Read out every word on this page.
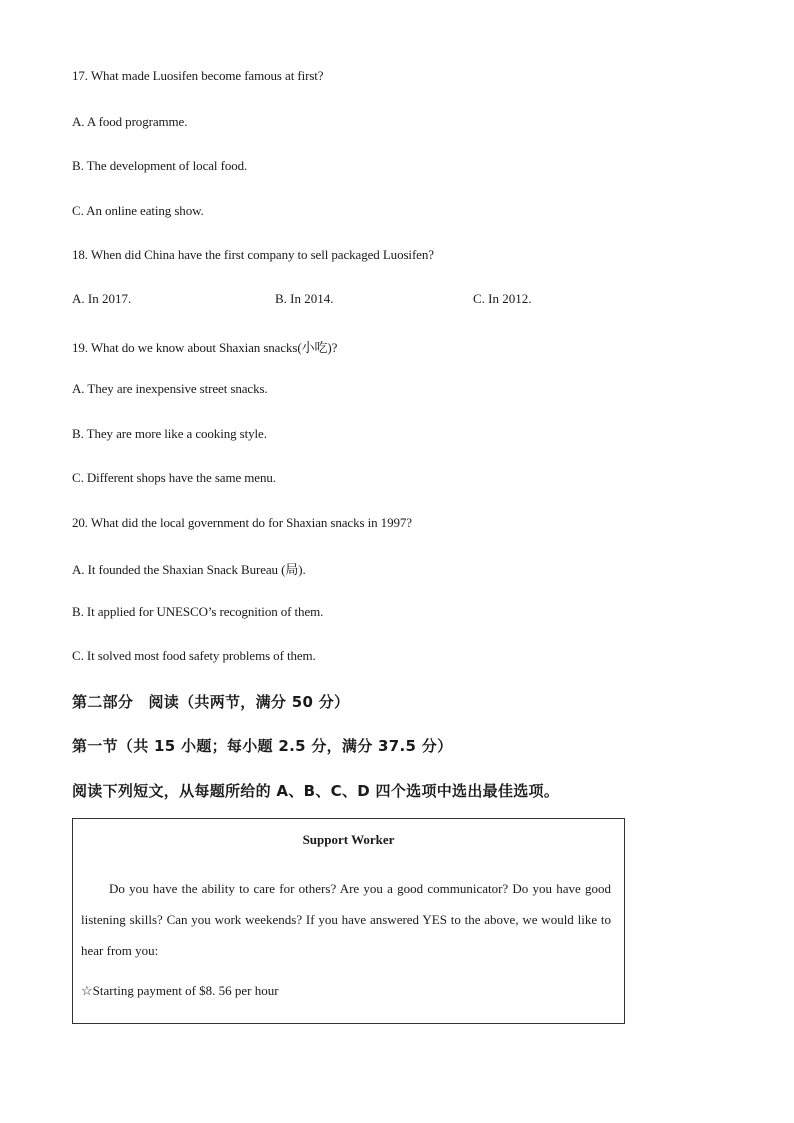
17. What made Luosifen become famous at first?
A. A food programme.
B. The development of local food.
C. An online eating show.
18. When did China have the first company to sell packaged Luosifen?
A. In 2017.	B. In 2014.	C. In 2012.
19. What do we know about Shaxian snacks(小吃)?
A. They are inexpensive street snacks.
B. They are more like a cooking style.
C. Different shops have the same menu.
20. What did the local government do for Shaxian snacks in 1997?
A. It founded the Shaxian Snack Bureau (局).
B. It applied for UNESCO’s recognition of them.
C. It solved most food safety problems of them.
第二部分　阅读（共两节，满分 50 分）
第一节（共 15 小题；每小题 2.5 分，满分 37.5 分）
阅读下列短文，从每题所给的 A、B、C、D 四个选项中选出最佳选项。
Support Worker
Do you have the ability to care for others? Are you a good communicator? Do you have good listening skills? Can you work weekends? If you have answered YES to the above, we would like to hear from you:
☆Starting payment of $8. 56 per hour
